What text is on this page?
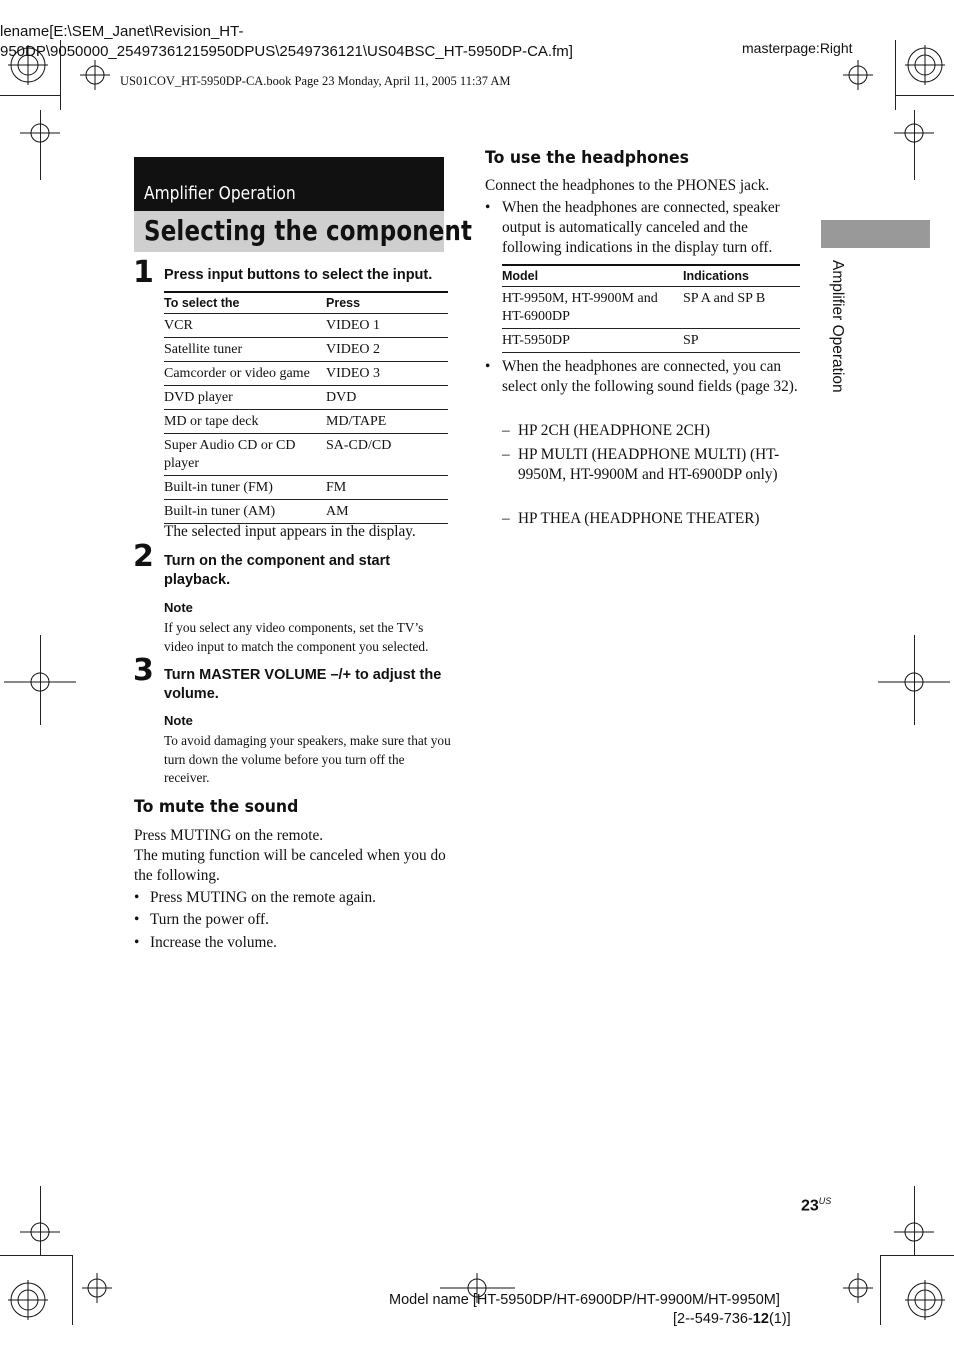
lename[E:\SEM_Janet\Revision_HT-
950DP\9050000_25497361215950DPUS\2549736121\US04BSC_HT-5950DP-CA.fm]	masterpage:Right
US01COV_HT-5950DP-CA.book Page 23 Monday, April 11, 2005 11:37 AM
Amplifier Operation
Selecting the component
1 Press input buttons to select the input.
To select the	Press
VCR	VIDEO 1
Satellite tuner	VIDEO 2
Camcorder or video game	VIDEO 3
DVD player	DVD
MD or tape deck	MD/TAPE
Super Audio CD or CD player	SA-CD/CD
Built-in tuner (FM)	FM
Built-in tuner (AM)	AM
The selected input appears in the display.
2 Turn on the component and start playback.
Note
If you select any video components, set the TV’s video input to match the component you selected.
3 Turn MASTER VOLUME –/+ to adjust the volume.
Note
To avoid damaging your speakers, make sure that you turn down the volume before you turn off the receiver.
To mute the sound
Press MUTING on the remote.
The muting function will be canceled when you do the following.
• Press MUTING on the remote again.
• Turn the power off.
• Increase the volume.
To use the headphones
Connect the headphones to the PHONES jack.
• When the headphones are connected, speaker output is automatically canceled and the following indications in the display turn off.
Model	Indications
HT-9950M, HT-9900M and HT-6900DP	SP A and SP B
HT-5950DP	SP
• When the headphones are connected, you can select only the following sound fields (page 32).
– HP 2CH (HEADPHONE 2CH)
– HP MULTI (HEADPHONE MULTI) (HT-9950M, HT-9900M and HT-6900DP only)
– HP THEA (HEADPHONE THEATER)
Amplifier Operation
$23^{US}$
Model name [HT-5950DP/HT-6900DP/HT-9900M/HT-9950M]
[2--549-736-12(1)]
